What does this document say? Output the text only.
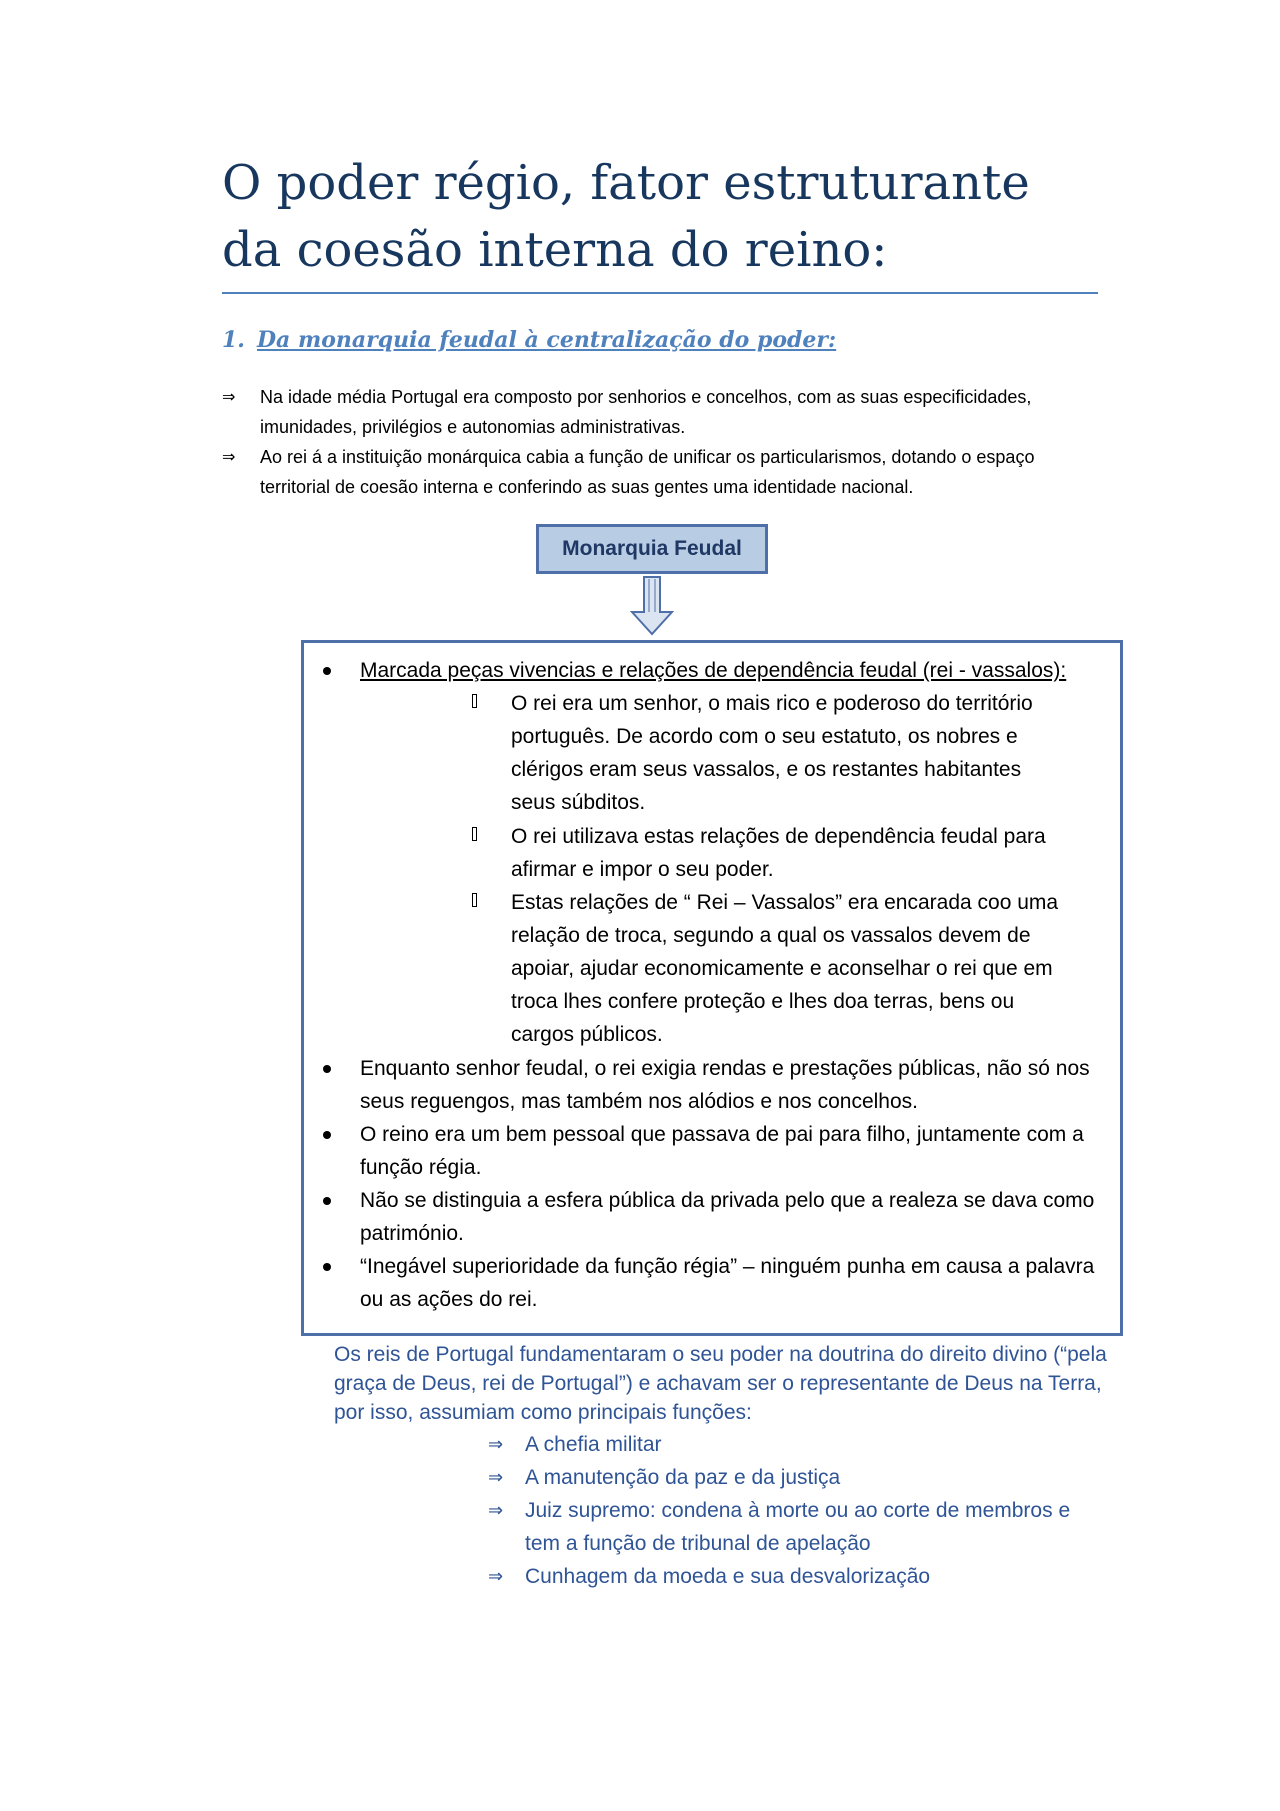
O poder régio, fator estruturante da coesão interna do reino:
1. Da monarquia feudal à centralização do poder:
⇒ Na idade média Portugal era composto por senhorios e concelhos, com as suas especificidades, imunidades, privilégios e autonomias administrativas.
⇒ Ao rei á a instituição monárquica cabia a função de unificar os particularismos, dotando o espaço territorial de coesão interna e conferindo as suas gentes uma identidade nacional.
Monarquia Feudal
Marcada peças vivencias e relações de dependência feudal (rei - vassalos):
O rei era um senhor, o mais rico e poderoso do território português. De acordo com o seu estatuto, os nobres e clérigos eram seus vassalos, e os restantes habitantes seus súbditos.
O rei utilizava estas relações de dependência feudal para afirmar e impor o seu poder.
Estas relações de “ Rei – Vassalos” era encarada coo uma relação de troca, segundo a qual os vassalos devem de apoiar, ajudar economicamente e aconselhar o rei que em troca lhes confere proteção e lhes doa terras, bens ou cargos públicos.
Enquanto senhor feudal, o rei exigia rendas e prestações públicas, não só nos seus reguengos, mas também nos alódios e nos concelhos.
O reino era um bem pessoal que passava de pai para filho, juntamente com a função régia.
Não se distinguia a esfera pública da privada pelo que a realeza se dava como património.
“Inegável superioridade da função régia” – ninguém punha em causa a palavra ou as ações do rei.

Os reis de Portugal fundamentaram o seu poder na doutrina do direito divino (“pela graça de Deus, rei de Portugal”) e achavam ser o representante de Deus na Terra, por isso, assumiam como principais funções:

⇒ A chefia militar
⇒ A manutenção da paz e da justiça
⇒ Juiz supremo: condena à morte ou ao corte de membros e tem a função de tribunal de apelação
⇒ Cunhagem da moeda e sua desvalorização
